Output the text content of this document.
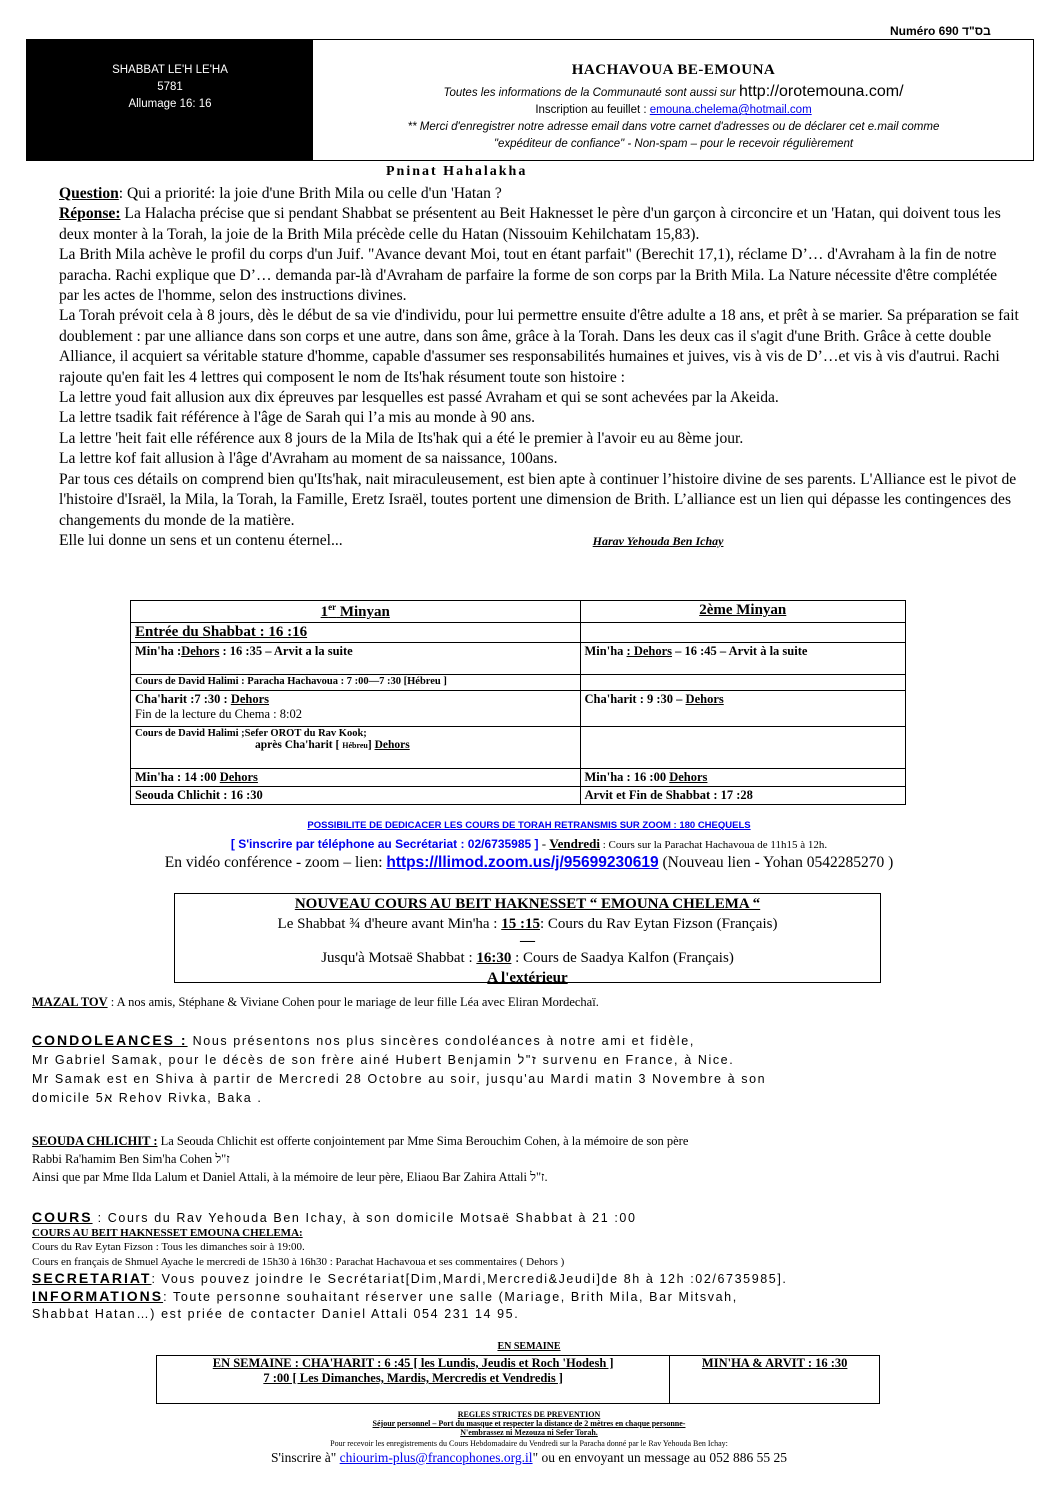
Numéro 690 בס"ד
SHABBAT LE'H LE'HA
5781
Allumage 16: 16
HACHAVOUA BE-EMOUNA
Toutes les informations de la Communauté sont aussi sur http://orotemouna.com/
Inscription au feuillet : emouna.chelema@hotmail.com
** Merci d'enregistrer notre adresse email dans votre carnet d'adresses ou de déclarer cet e.mail comme
"expéditeur de confiance" - Non-spam – pour le recevoir régulièrement
Pninat Hahalakha

Question: Qui a priorité: la joie d'une Brith Mila ou celle d'un 'Hatan ?

Réponse: La Halacha précise que si pendant Shabbat se présentent au Beit Haknesset le père d'un garçon à circoncire et un 'Hatan, qui doivent tous les deux monter à la Torah, la joie de la Brith Mila précède celle du Hatan (Nissouim Kehilchatam 15,83).

La Brith Mila achève le profil du corps d'un Juif. "Avance devant Moi, tout en étant parfait" (Berechit 17,1), réclame D’… d'Avraham à la fin de notre paracha. Rachi explique que D’… demanda par-là d'Avraham de parfaire la forme de son corps par la Brith Mila. La Nature nécessite d'être complétée par les actes de l'homme, selon des instructions divines.

La Torah prévoit cela à 8 jours, dès le début de sa vie d'individu, pour lui permettre ensuite d'être adulte a 18 ans, et prêt à se marier. Sa préparation se fait doublement : par une alliance dans son corps et une autre, dans son âme, grâce à la Torah. Dans les deux cas il s'agit d'une Brith. Grâce à cette double Alliance, il acquiert sa véritable stature d'homme, capable d'assumer ses responsabilités humaines et juives, vis à vis de D’…et vis à vis d'autrui. Rachi rajoute qu'en fait les 4 lettres qui composent le nom de Its'hak résument toute son histoire :

La lettre youd fait allusion aux dix épreuves par lesquelles est passé Avraham et qui se sont achevées par la Akeida.

La lettre tsadik fait référence à l'âge de Sarah qui l’a mis au monde à 90 ans.

La lettre 'heit fait elle référence aux 8 jours de la Mila de Its'hak qui a été le premier à l'avoir eu au 8ème jour.

La lettre kof fait allusion à l'âge d'Avraham au moment de sa naissance, 100ans.

Par tous ces détails on comprend bien qu'Its'hak, nait miraculeusement, est bien apte à continuer l’histoire divine de ses parents. L'Alliance est le pivot de l'histoire d'Israël, la Mila, la Torah, la Famille, Eretz Israël, toutes portent une dimension de Brith. L’alliance est un lien qui dépasse les contingences des changements du monde de la matière.

Elle lui donne un sens et un contenu éternel...	Harav Yehouda Ben Ichay

1er Minyan	2ème Minyan
Entrée du Shabbat : 16 :16	
Min'ha :Dehors : 16 :35 – Arvit a la suite	Min'ha : Dehors – 16 :45 – Arvit à la suite
Cours de David Halimi : Paracha Hachavoua : 7 :00—7 :30 [Hébreu ]	

Cha'harit :7 :30 : Dehors
Fin de la lecture du Chema : 8:02	Cha'harit : 9 :30 – Dehors

Cours de David Halimi ;Sefer OROT du Rav Kook;
après Cha'harit [ Hébreu] Dehors	

Min'ha : 14 :00 Dehors	Min'ha : 16 :00 Dehors
Seouda Chlichit : 16 :30	Arvit et Fin de Shabbat : 17 :28
POSSIBILITE DE DEDICACER LES COURS DE TORAH RETRANSMIS SUR ZOOM : 180 CHEQUELS
[ S'inscrire par téléphone au Secrétariat : 02/6735985 ] - Vendredi : Cours sur la Parachat Hachavoua de 11h15 à 12h.
En vidéo conférence - zoom – lien: https://llimod.zoom.us/j/95699230619 (Nouveau lien - Yohan 0542285270 )
NOUVEAU COURS AU BEIT HAKNESSET “ EMOUNA CHELEMA “
Le Shabbat ¾ d'heure avant Min'ha : 15 :15: Cours du Rav Eytan Fizson (Français)
—
Jusqu'à Motsaë Shabbat : 16:30 : Cours de Saadya Kalfon (Français)
A l'extérieur

MAZAL TOV : A nos amis, Stéphane & Viviane Cohen pour le mariage de leur fille Léa avec Eliran Mordechaï.

CONDOLEANCES : Nous présentons nos plus sincères condoléances à notre ami et fidèle,

Mr Gabriel Samak, pour le décès de son frère ainé Hubert Benjamin ז"ל survenu en France, à Nice.

Mr Samak est en Shiva à partir de Mercredi 28 Octobre au soir, jusqu'au Mardi matin 3 Novembre à son

domicile 5א Rehov Rivka, Baka .

SEOUDA CHLICHIT : La Seouda Chlichit est offerte conjointement par Mme Sima Berouchim Cohen, à la mémoire de son père

Rabbi Ra'hamim Ben Sim'ha Cohen ז"ל

Ainsi que par Mme Ilda Lalum et Daniel Attali, à la mémoire de leur père, Eliaou Bar Zahira Attali ז"ל.

COURS : Cours du Rav Yehouda Ben Ichay, à son domicile Motsaë Shabbat à 21 :00

COURS AU BEIT HAKNESSET EMOUNA CHELEMA:

Cours du Rav Eytan Fizson : Tous les dimanches soir à 19:00.

Cours en français de Shmuel Ayache le mercredi de 15h30 à 16h30 : Parachat Hachavoua et ses commentaires ( Dehors )

SECRETARIAT: Vous pouvez joindre le Secrétariat[Dim,Mardi,Mercredi&Jeudi]de 8h à 12h :02/6735985].

INFORMATIONS: Toute personne souhaitant réserver une salle (Mariage, Brith Mila, Bar Mitsvah,

Shabbat Hatan…) est priée de contacter Daniel Attali 054 231 14 95.

EN SEMAINE
EN SEMAINE : CHA'HARIT : 6 :45 [ les Lundis, Jeudis et Roch 'Hodesh ]
7 :00 [ Les Dimanches, Mardis, Mercredis et Vendredis ]
	MIN'HA & ARVIT : 16 :30
REGLES STRICTES DE PREVENTION
Séjour personnel – Port du masque et respecter la distance de 2 mètres en chaque personne-
N'embrassez ni Mezouza ni Sefer Torah.
Pour recevoir les enregistrements du Cours Hebdomadaire du Vendredi sur la Paracha donné par le Rav Yehouda Ben Ichay:
S'inscrire à" chiourim-plus@francophones.org.il" ou en envoyant un message au 052 886 55 25
